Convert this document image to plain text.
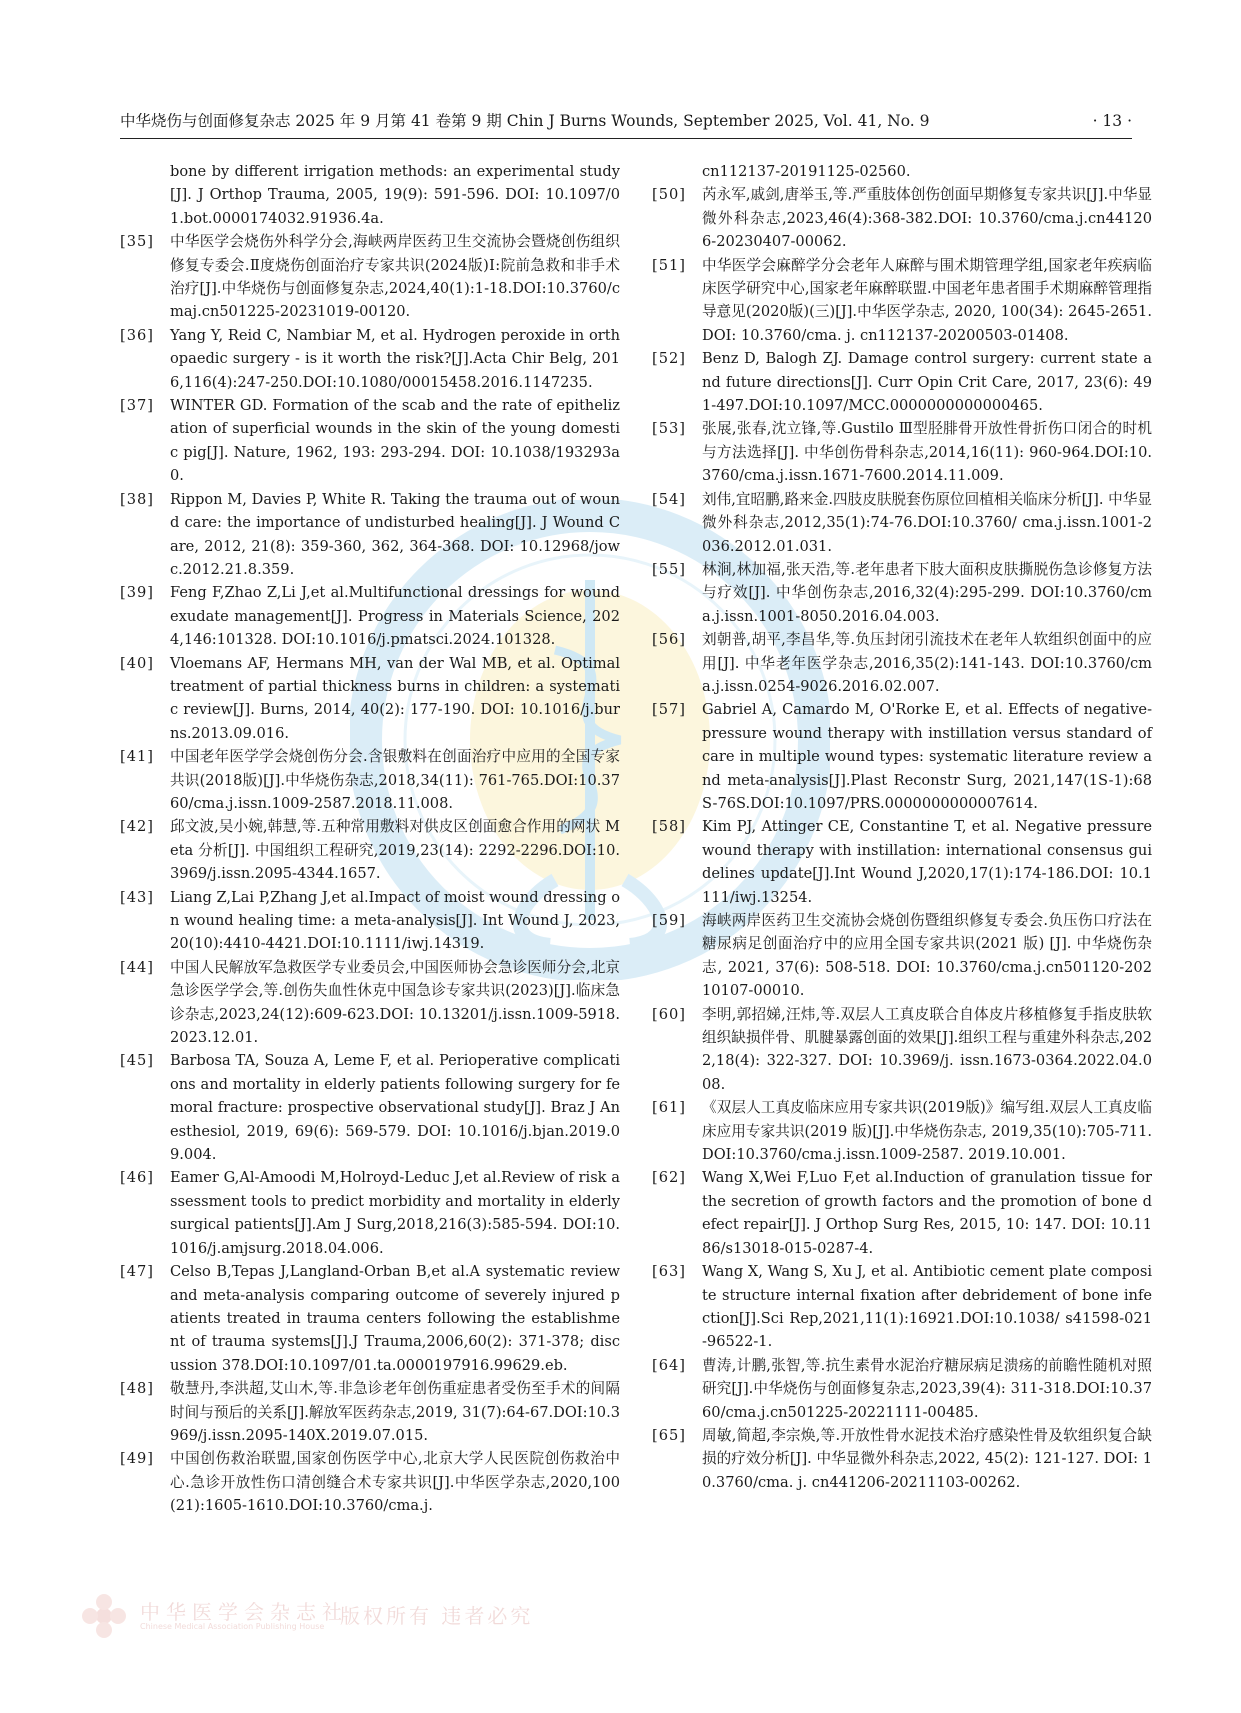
中华烧伤与创面修复杂志 2025 年 9 月第 41 卷第 9 期 Chin J Burns Wounds, September 2025, Vol. 41, No. 9	· 13 ·
bone by different irrigation methods: an experimental study[J]. J Orthop Trauma, 2005, 19(9): 591-596. DOI: 10.1097/01.bot.0000174032.91936.4a.
[35] 中华医学会烧伤外科学分会,海峡两岸医药卫生交流协会暨烧创伤组织修复专委会.Ⅱ度烧伤创面治疗专家共识(2024版)Ⅰ:院前急救和非手术治疗[J].中华烧伤与创面修复杂志,2024,40(1):1-18.DOI:10.3760/cmaj.cn501225-20231019-00120.
[36] Yang Y, Reid C, Nambiar M, et al. Hydrogen peroxide in orthopaedic surgery - is it worth the risk?[J].Acta Chir Belg, 2016,116(4):247-250.DOI:10.1080/00015458.2016.1147235.
[37] WINTER GD. Formation of the scab and the rate of epithelization of superficial wounds in the skin of the young domestic pig[J]. Nature, 1962, 193: 293-294. DOI: 10.1038/193293a0.
[38] Rippon M, Davies P, White R. Taking the trauma out of wound care: the importance of undisturbed healing[J]. J Wound Care, 2012, 21(8): 359-360, 362, 364-368. DOI: 10.12968/jowc.2012.21.8.359.
[39] Feng F,Zhao Z,Li J,et al.Multifunctional dressings for wound exudate management[J]. Progress in Materials Science, 2024,146:101328. DOI:10.1016/j.pmatsci.2024.101328.
[40] Vloemans AF, Hermans MH, van der Wal MB, et al. Optimal treatment of partial thickness burns in children: a systematic review[J]. Burns, 2014, 40(2): 177-190. DOI: 10.1016/j.burns.2013.09.016.
[41] 中国老年医学学会烧创伤分会.含银敷料在创面治疗中应用的全国专家共识(2018版)[J].中华烧伤杂志,2018,34(11): 761-765.DOI:10.3760/cma.j.issn.1009-2587.2018.11.008.
[42] 邱文波,吴小婉,韩慧,等.五种常用敷料对供皮区创面愈合作用的网状 Meta 分析[J]. 中国组织工程研究,2019,23(14): 2292-2296.DOI:10.3969/j.issn.2095-4344.1657.
[43] Liang Z,Lai P,Zhang J,et al.Impact of moist wound dressing on wound healing time: a meta-analysis[J]. Int Wound J, 2023,20(10):4410-4421.DOI:10.1111/iwj.14319.
[44] 中国人民解放军急救医学专业委员会,中国医师协会急诊医师分会,北京急诊医学学会,等.创伤失血性休克中国急诊专家共识(2023)[J].临床急诊杂志,2023,24(12):609-623.DOI: 10.13201/j.issn.1009-5918.2023.12.01.
[45] Barbosa TA, Souza A, Leme F, et al. Perioperative complications and mortality in elderly patients following surgery for femoral fracture: prospective observational study[J]. Braz J Anesthesiol, 2019, 69(6): 569-579. DOI: 10.1016/j.bjan.2019.09.004.
[46] Eamer G,Al-Amoodi M,Holroyd-Leduc J,et al.Review of risk assessment tools to predict morbidity and mortality in elderly surgical patients[J].Am J Surg,2018,216(3):585-594. DOI:10.1016/j.amjsurg.2018.04.006.
[47] Celso B,Tepas J,Langland-Orban B,et al.A systematic review and meta-analysis comparing outcome of severely injured patients treated in trauma centers following the establishment of trauma systems[J].J Trauma,2006,60(2): 371-378; discussion 378.DOI:10.1097/01.ta.0000197916.99629.eb.
[48] 敬慧丹,李洪超,艾山木,等.非急诊老年创伤重症患者受伤至手术的间隔时间与预后的关系[J].解放军医药杂志,2019, 31(7):64-67.DOI:10.3969/j.issn.2095-140X.2019.07.015.
[49] 中国创伤救治联盟,国家创伤医学中心,北京大学人民医院创伤救治中心.急诊开放性伤口清创缝合术专家共识[J].中华医学杂志,2020,100(21):1605-1610.DOI:10.3760/cma.j.
cn112137-20191125-02560.
[50] 芮永军,戚剑,唐举玉,等.严重肢体创伤创面早期修复专家共识[J].中华显微外科杂志,2023,46(4):368-382.DOI: 10.3760/cma.j.cn441206-20230407-00062.
[51] 中华医学会麻醉学分会老年人麻醉与围术期管理学组,国家老年疾病临床医学研究中心,国家老年麻醉联盟.中国老年患者围手术期麻醉管理指导意见(2020版)(三)[J].中华医学杂志, 2020, 100(34): 2645-2651. DOI: 10.3760/cma. j. cn112137-20200503-01408.
[52] Benz D, Balogh ZJ. Damage control surgery: current state and future directions[J]. Curr Opin Crit Care, 2017, 23(6): 491-497.DOI:10.1097/MCC.0000000000000465.
[53] 张展,张春,沈立锋,等.Gustilo Ⅲ型胫腓骨开放性骨折伤口闭合的时机与方法选择[J]. 中华创伤骨科杂志,2014,16(11): 960-964.DOI:10.3760/cma.j.issn.1671-7600.2014.11.009.
[54] 刘伟,宜昭鹏,路来金.四肢皮肤脱套伤原位回植相关临床分析[J]. 中华显微外科杂志,2012,35(1):74-76.DOI:10.3760/ cma.j.issn.1001-2036.2012.01.031.
[55] 林涧,林加福,张天浩,等.老年患者下肢大面积皮肤撕脱伤急诊修复方法与疗效[J]. 中华创伤杂志,2016,32(4):295-299. DOI:10.3760/cma.j.issn.1001-8050.2016.04.003.
[56] 刘朝普,胡平,李昌华,等.负压封闭引流技术在老年人软组织创面中的应用[J]. 中华老年医学杂志,2016,35(2):141-143. DOI:10.3760/cma.j.issn.0254-9026.2016.02.007.
[57] Gabriel A, Camardo M, O'Rorke E, et al. Effects of negative-pressure wound therapy with instillation versus standard of care in multiple wound types: systematic literature review and meta-analysis[J].Plast Reconstr Surg, 2021,147(1S-1):68S-76S.DOI:10.1097/PRS.0000000000007614.
[58] Kim PJ, Attinger CE, Constantine T, et al. Negative pressure wound therapy with instillation: international consensus guidelines update[J].Int Wound J,2020,17(1):174-186.DOI: 10.1111/iwj.13254.
[59] 海峡两岸医药卫生交流协会烧创伤暨组织修复专委会.负压伤口疗法在糖尿病足创面治疗中的应用全国专家共识(2021 版) [J]. 中华烧伤杂志, 2021, 37(6): 508-518. DOI: 10.3760/cma.j.cn501120-20210107-00010.
[60] 李明,郭招娣,汪炜,等.双层人工真皮联合自体皮片移植修复手指皮肤软组织缺损伴骨、肌腱暴露创面的效果[J].组织工程与重建外科杂志,2022,18(4): 322-327. DOI: 10.3969/j. issn.1673-0364.2022.04.008.
[61] 《双层人工真皮临床应用专家共识(2019版)》编写组.双层人工真皮临床应用专家共识(2019 版)[J].中华烧伤杂志, 2019,35(10):705-711.DOI:10.3760/cma.j.issn.1009-2587. 2019.10.001.
[62] Wang X,Wei F,Luo F,et al.Induction of granulation tissue for the secretion of growth factors and the promotion of bone defect repair[J]. J Orthop Surg Res, 2015, 10: 147. DOI: 10.1186/s13018-015-0287-4.
[63] Wang X, Wang S, Xu J, et al. Antibiotic cement plate composite structure internal fixation after debridement of bone infection[J].Sci Rep,2021,11(1):16921.DOI:10.1038/ s41598-021-96522-1.
[64] 曹涛,计鹏,张智,等.抗生素骨水泥治疗糖尿病足溃疡的前瞻性随机对照研究[J].中华烧伤与创面修复杂志,2023,39(4): 311-318.DOI:10.3760/cma.j.cn501225-20221111-00485.
[65] 周敏,简超,李宗焕,等.开放性骨水泥技术治疗感染性骨及软组织复合缺损的疗效分析[J]. 中华显微外科杂志,2022, 45(2): 121-127. DOI: 10.3760/cma. j. cn441206-20211103-00262.
中华医学会杂志社
Chinese Medical Association Publishing House 版权所有 违者必究
